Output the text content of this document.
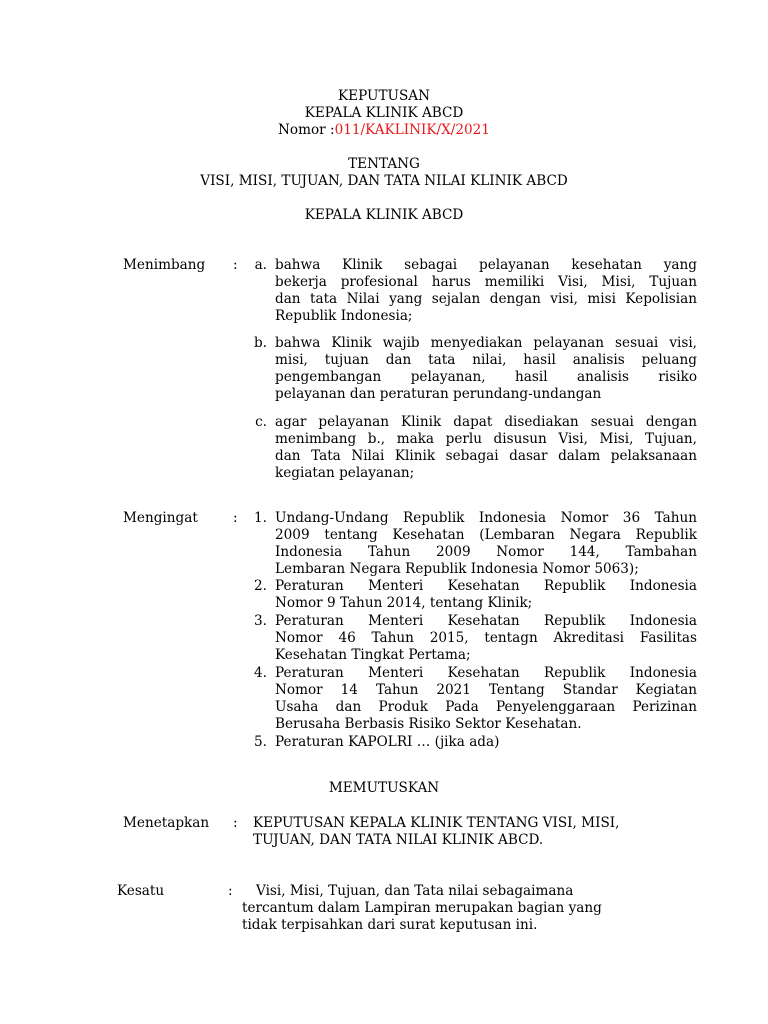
KEPUTUSAN
KEPALA KLINIK ABCD
Nomor :011/KAKLINIK/X/2021
TENTANG
VISI, MISI, TUJUAN, DAN TATA NILAI KLINIK ABCD
KEPALA KLINIK ABCD
Menimbang :	a. bahwa Klinik sebagai pelayanan kesehatan yang
bekerja profesional harus memiliki Visi, Misi, Tujuan
dan tata Nilai yang sejalan dengan visi, misi Kepolisian
Republik Indonesia;
b. bahwa Klinik wajib menyediakan pelayanan sesuai visi,
misi, tujuan dan tata nilai, hasil analisis peluang
pengembangan pelayanan, hasil analisis risiko
pelayanan dan peraturan perundang-undangan
c. agar pelayanan Klinik dapat disediakan sesuai dengan
menimbang b., maka perlu disusun Visi, Misi, Tujuan,
dan Tata Nilai Klinik sebagai dasar dalam pelaksanaan
kegiatan pelayanan;
Mengingat	:	1. Undang-Undang Republik Indonesia Nomor 36 Tahun
2009 tentang Kesehatan (Lembaran Negara Republik
Indonesia Tahun 2009 Nomor 144, Tambahan
Lembaran Negara Republik Indonesia Nomor 5063);
2. Peraturan Menteri Kesehatan Republik Indonesia
Nomor 9 Tahun 2014, tentang Klinik;
3. Peraturan Menteri Kesehatan Republik Indonesia
Nomor 46 Tahun 2015, tentagn Akreditasi Fasilitas
Kesehatan Tingkat Pertama;
4. Peraturan Menteri Kesehatan Republik Indonesia
Nomor 14 Tahun 2021 Tentang Standar Kegiatan
Usaha dan Produk Pada Penyelenggaraan Perizinan
Berusaha Berbasis Risiko Sektor Kesehatan.
5. Peraturan KAPOLRI … (jika ada)
MEMUTUSKAN
Menetapkan : KEPUTUSAN KEPALA KLINIK TENTANG VISI, MISI,
TUJUAN, DAN TATA NILAI KLINIK ABCD.
Kesatu	:	Visi, Misi, Tujuan, dan Tata nilai sebagaimana
tercantum dalam Lampiran merupakan bagian yang
tidak terpisahkan dari surat keputusan ini.
